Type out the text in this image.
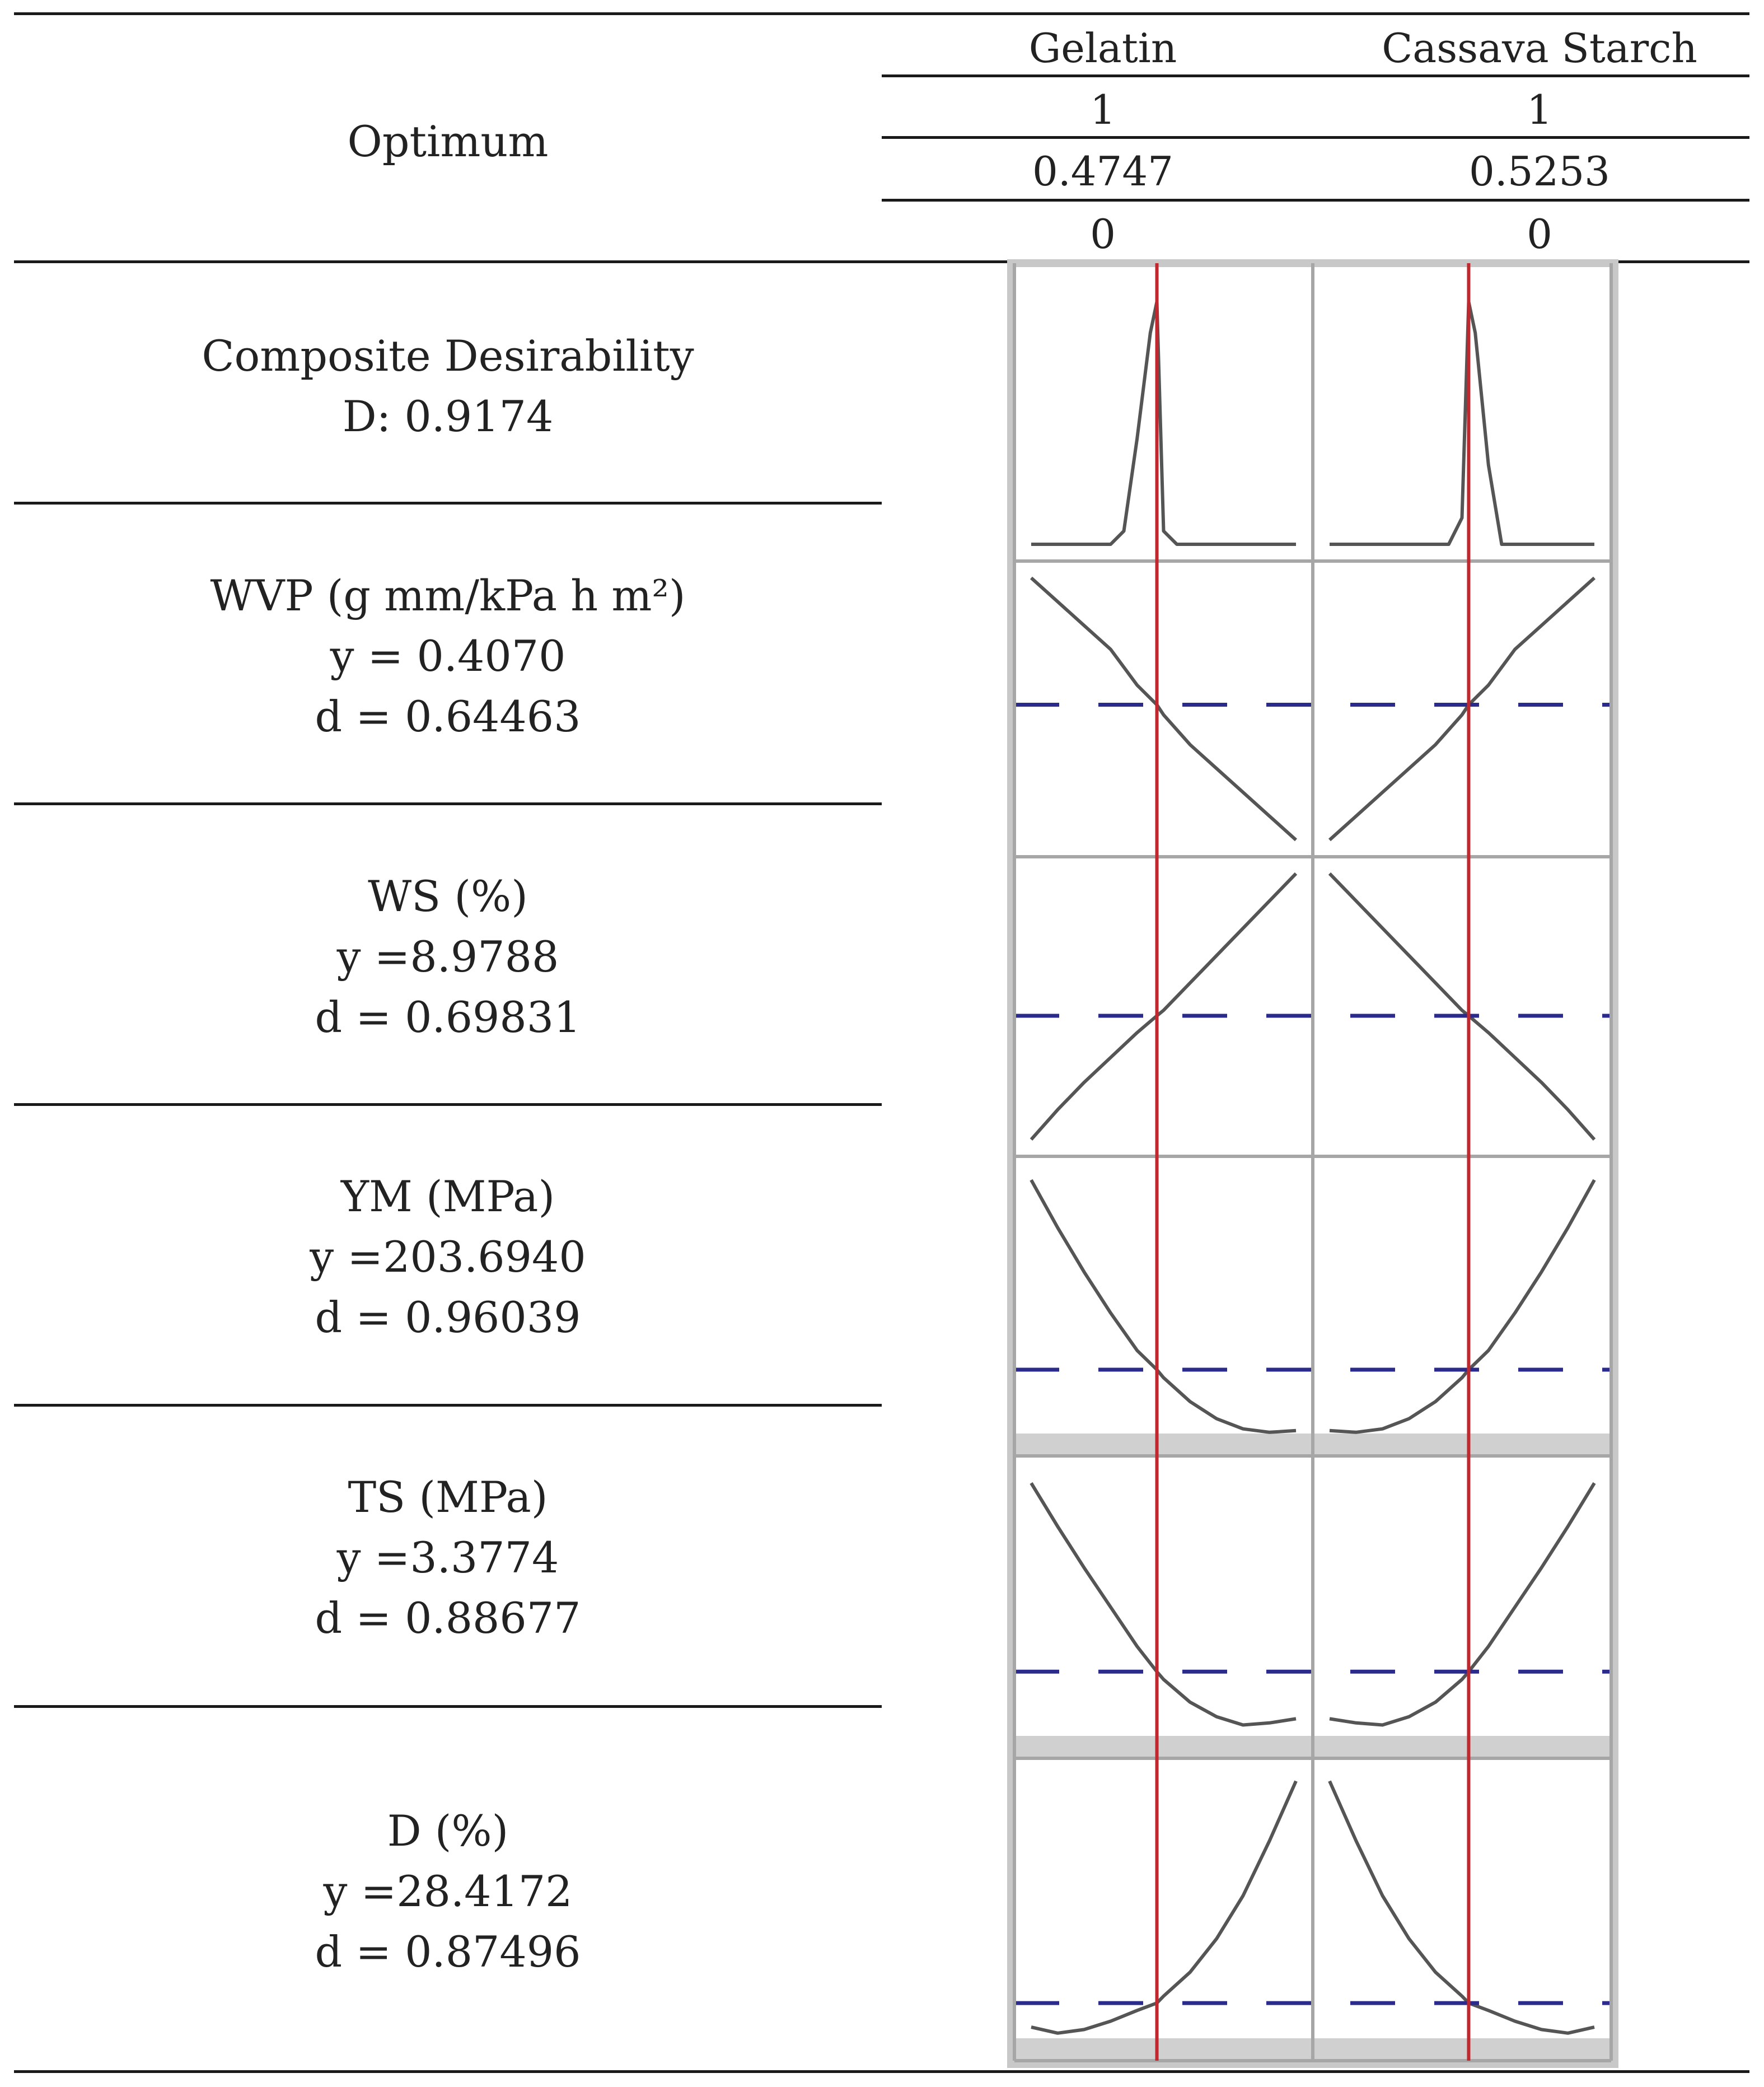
Optimum
Gelatin	Cassava Starch
1	1
0.4747	0.5253
0	0
Composite Desirability
D: 0.9174
WVP (g mm/kPa h m²)
y = 0.4070
d = 0.64463
WS (%)
y =8.9788
d = 0.69831
YM (MPa)
y =203.6940
d = 0.96039
TS (MPa)
y =3.3774
d = 0.88677
D (%)
y =28.4172
d = 0.87496
